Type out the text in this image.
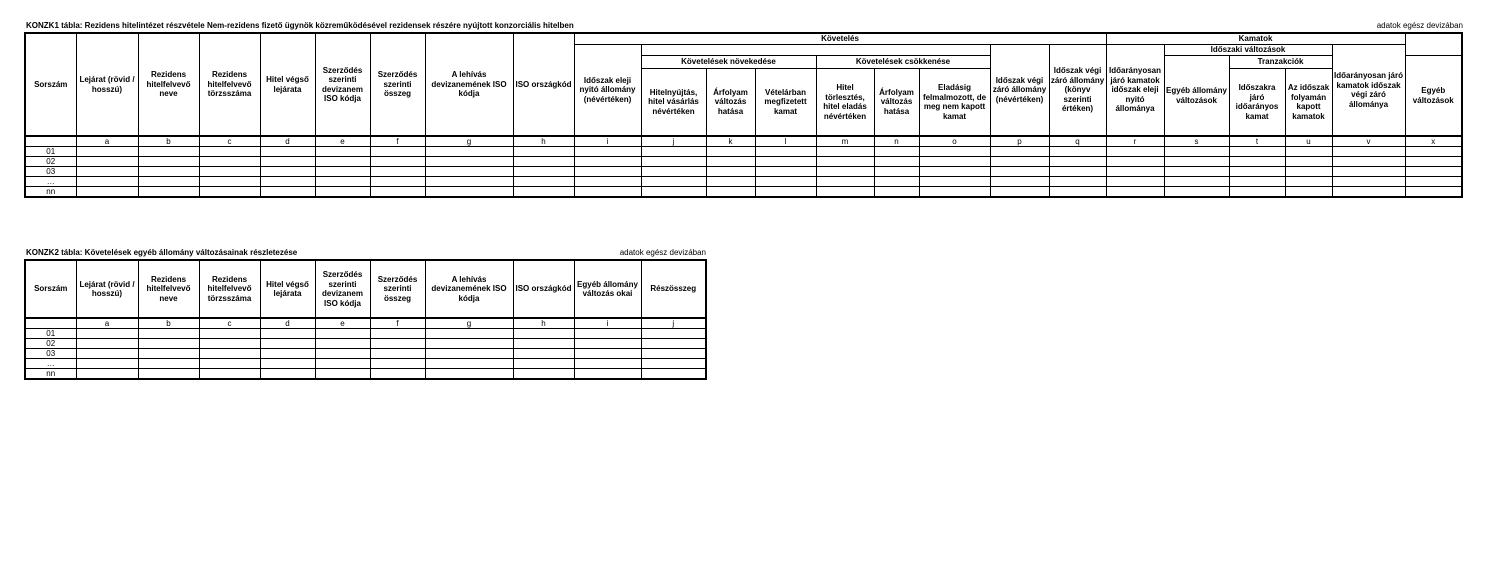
KONZK1 tábla: Rezidens hitelintézet részvétele Nem-rezidens fizető ügynök közreműködésével rezidensek részére nyújtott konzorciális hitelben	adatok egész devizában
Sorszám	Lejárat (rövid / hosszú)	Rezidens hitelfelvevő neve	Rezidens hitelfelvevő törzsszáma	Hitel végső lejárata	Szerződés szerinti devizanem ISO kódja	Szerződés szerinti összeg	A lehívás devizanemének ISO kódja	ISO országkód	Követelés									Kamatok					
									Időszak eleji nyitó állomány (névértéken)							Időszak végi záró állomány (névértéken)	Időszak végi záró állomány (könyv szerinti értéken)	Időarányosan járó kamatok időszak eleji nyitó állománya	Időszaki változások			Időarányosan járó kamatok időszak végi záró állománya	
										Követelések növekedése			Követelések csökkenése						Egyéb állomány változások	Tranzakciók			Egyéb változások
										Hitelnyújtás, hitel vásárlás névértéken	Árfolyam változás hatása	Vételárban megfizetett kamat	Hitel törlesztés, hitel eladás névértéken	Árfolyam változás hatása	Eladásig felmalmozott, de meg nem kapott kamat					Időszakra járó időarányos kamat	Az időszak folyamán kapott kamatok		
	a	b	c	d	e	f	g	h	i	j	k	l	m	n	o	p	q	r	s	t	u	v	x
01																							
02																							
03																							
…																							
nn																							
KONZK2 tábla: Követelések egyéb állomány változásainak részletezése	adatok egész devizában
Sorszám	Lejárat (rövid / hosszú)	Rezidens hitelfelvevő neve	Rezidens hitelfelvevő törzsszáma	Hitel végső lejárata	Szerződés szerinti devizanem ISO kódja	Szerződés szerinti összeg	A lehívás devizanemének ISO kódja	ISO országkód	Egyéb állomány változás okai	Részösszeg
	a	b	c	d	e	f	g	h	i	j
01										
02										
03										
…										
nn										
